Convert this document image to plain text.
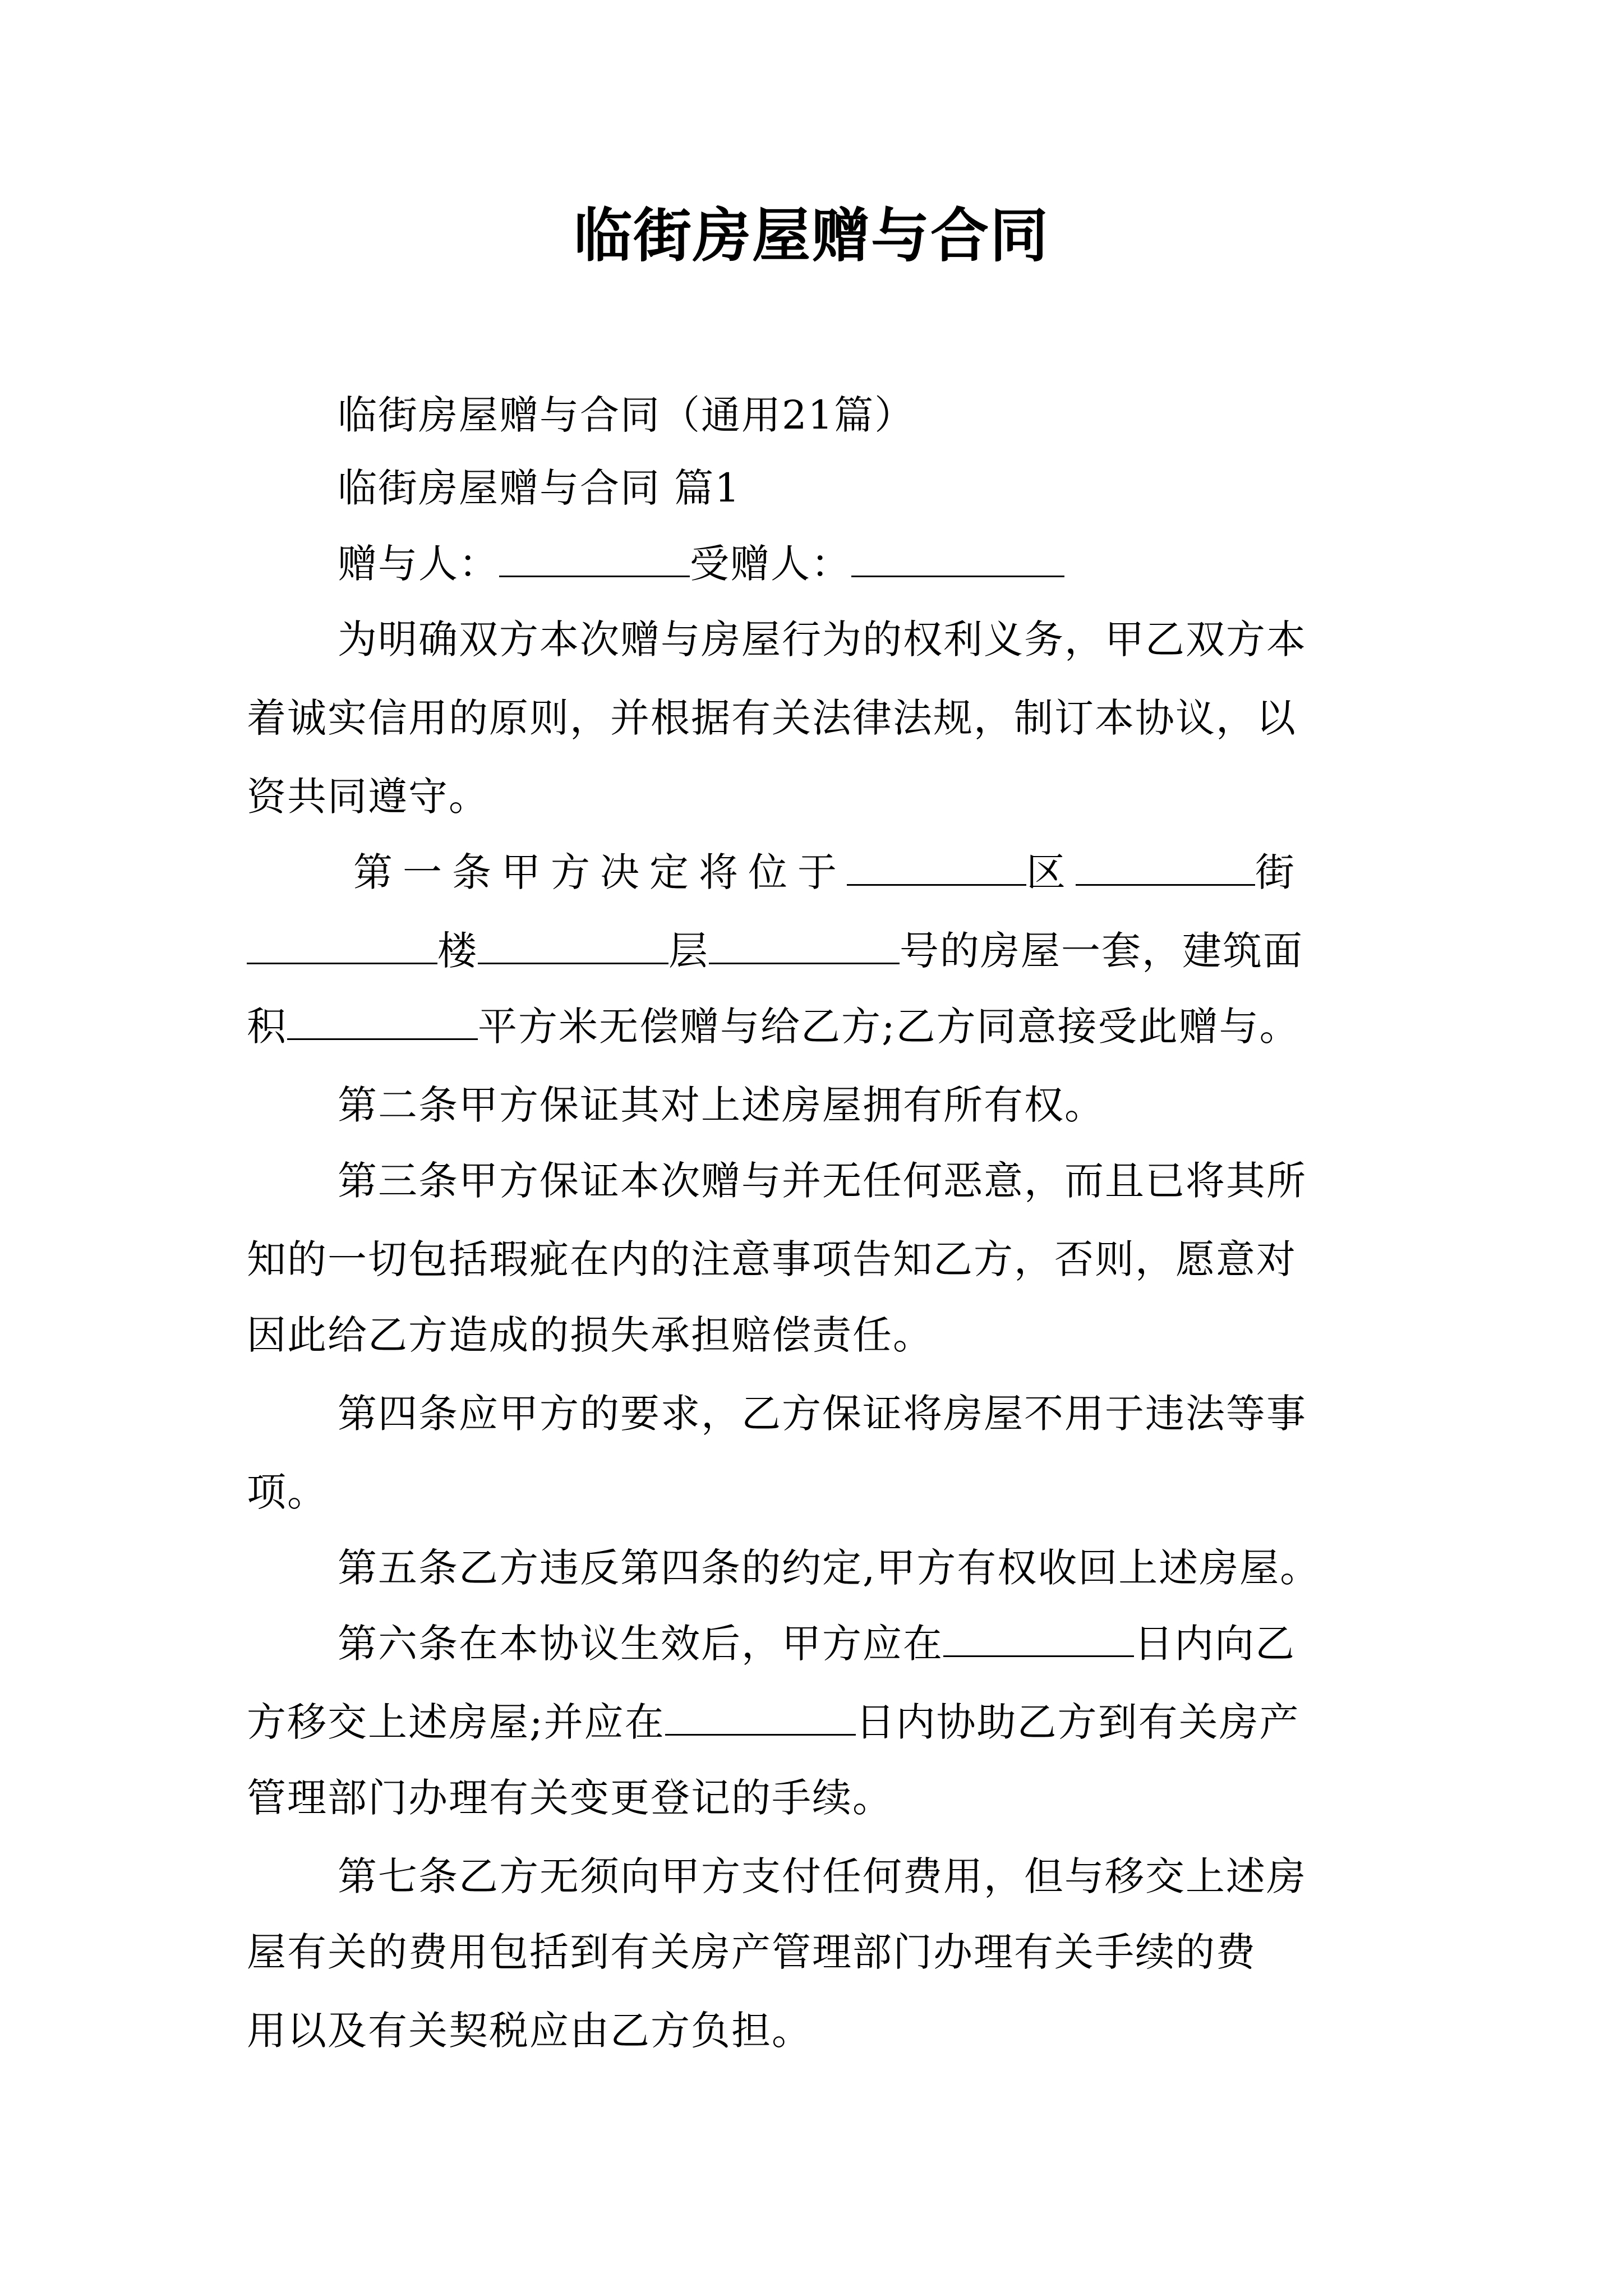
临街房屋赠与合同
临街房屋赠与合同（通用21篇）
临街房屋赠与合同 篇1
赠与人：	受赠人：
为明确双方本次赠与房屋行为的权利义务，甲乙双方本
着诚实信用的原则，并根据有关法律法规，制订本协议，以
资共同遵守。
第一条甲方决定将位于	区	街
楼	层	号的房屋一套，建筑面
积	平方米无偿赠与给乙方;乙方同意接受此赠与。
第二条甲方保证其对上述房屋拥有所有权。
第三条甲方保证本次赠与并无任何恶意，而且已将其所
知的一切包括瑕疵在内的注意事项告知乙方，否则，愿意对
因此给乙方造成的损失承担赔偿责任。
第四条应甲方的要求，乙方保证将房屋不用于违法等事
项。
第五条乙方违反第四条的约定,甲方有权收回上述房屋。
第六条在本协议生效后，甲方应在	日内向乙
方移交上述房屋;并应在	日内协助乙方到有关房产
管理部门办理有关变更登记的手续。
第七条乙方无须向甲方支付任何费用，但与移交上述房
屋有关的费用包括到有关房产管理部门办理有关手续的费
用以及有关契税应由乙方负担。
